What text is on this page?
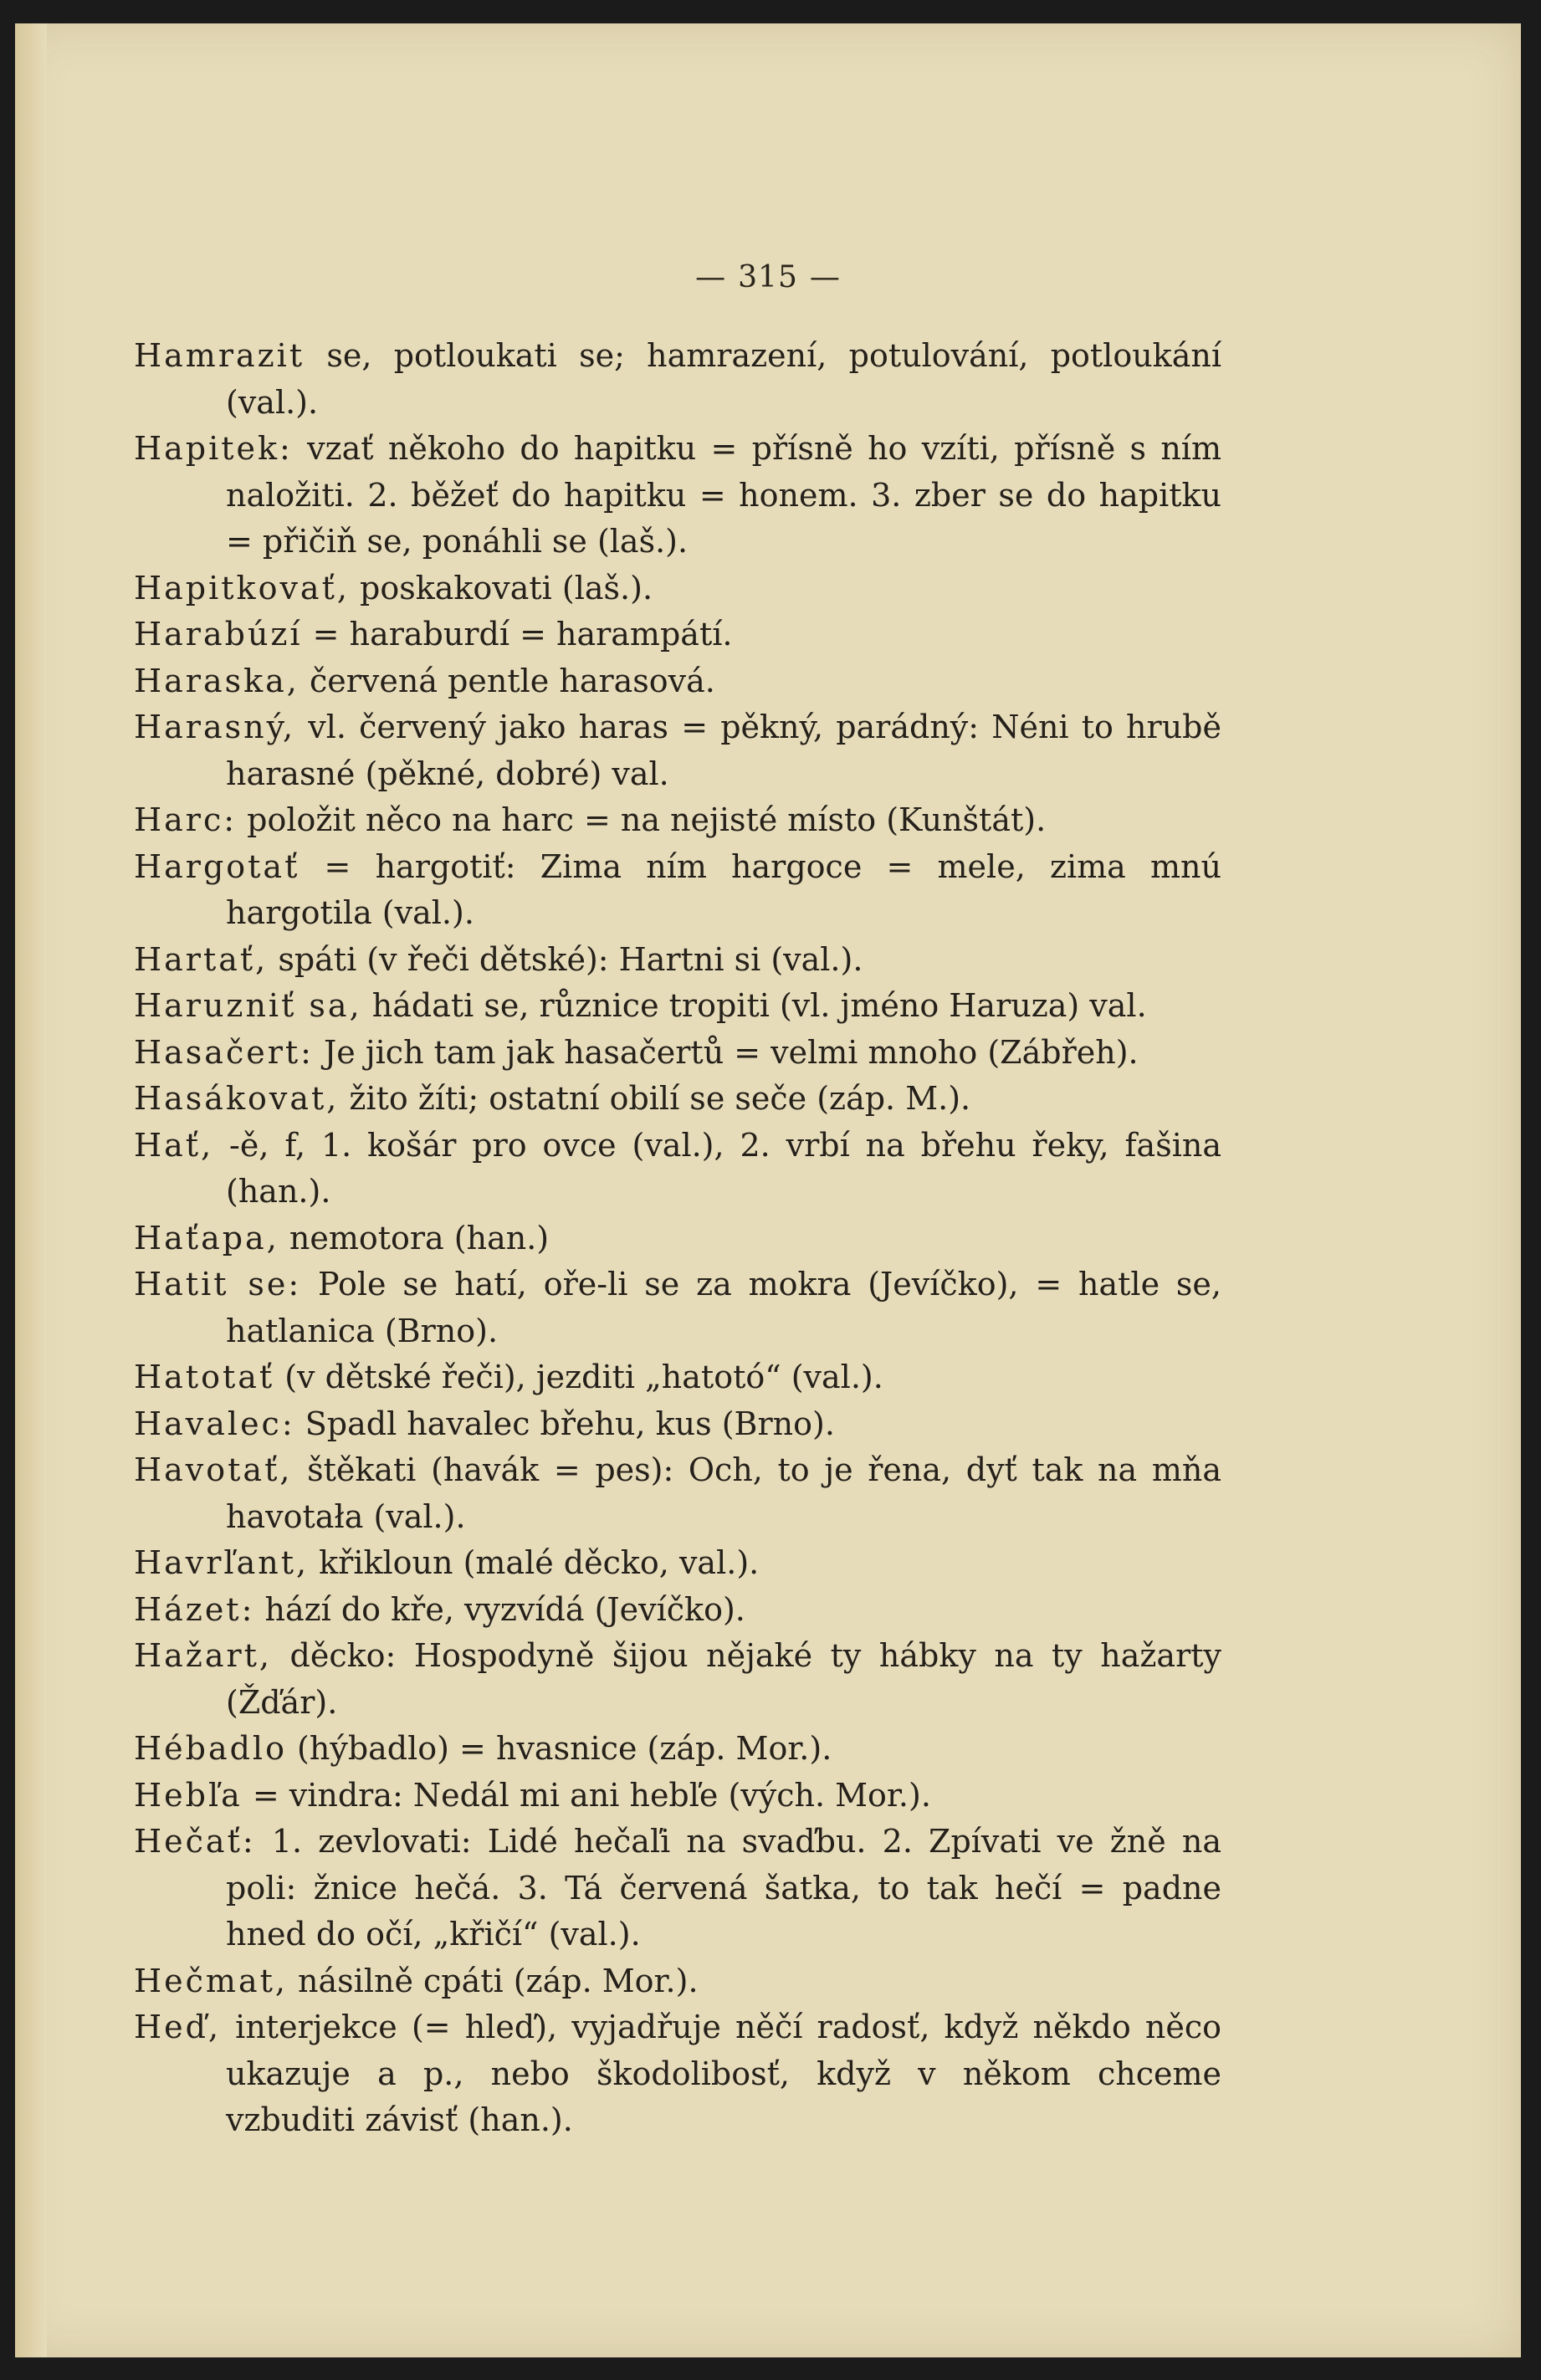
— 315 —

Hamrazit se, potloukati se; hamrazení, potulování, potloukání (val.).

Hapitek: vzať někoho do hapitku = přísně ho vzíti, přísně s ním naložiti. 2. běžeť do hapitku = honem. 3. zber se do hapitku = přičiň se, ponáhli se (laš.).

Hapitkovať, poskakovati (laš.).

Harabúzí = haraburdí = harampátí.

Haraska, červená pentle harasová.

Harasný, vl. červený jako haras = pěkný, parádný: Néni to hrubě harasné (pěkné, dobré) val.

Harc: položit něco na harc = na nejisté místo (Kunštát).

Hargotať = hargotiť: Zima ním hargoce = mele, zima mnú hargotila (val.).

Hartať, spáti (v řeči dětské): Hartni si (val.).

Haruzniť sa, hádati se, různice tropiti (vl. jméno Haruza) val.

Hasačert: Je jich tam jak hasačertů = velmi mnoho (Zábřeh).

Hasákovat, žito žíti; ostatní obilí se seče (záp. M.).

Hať, -ě, f, 1. košár pro ovce (val.), 2. vrbí na břehu řeky, fašina (han.).

Haťapa, nemotora (han.)

Hatit se: Pole se hatí, oře-li se za mokra (Jevíčko), = hatle se, hatlanica (Brno).

Hatotať (v dětské řeči), jezditi „hatotó“ (val.).

Havalec: Spadl havalec břehu, kus (Brno).

Havotať, štěkati (havák = pes): Och, to je řena, dyť tak na mňa havotała (val.).

Havrľant, křikloun (malé děcko, val.).

Házet: hází do kře, vyzvídá (Jevíčko).

Hažart, děcko: Hospodyně šijou nějaké ty hábky na ty hažarty (Žďár).

Hébadlo (hýbadlo) = hvasnice (záp. Mor.).

Hebľa = vindra: Nedál mi ani hebľe (vých. Mor.).

Hečať: 1. zevlovati: Lidé hečaľi na svaďbu. 2. Zpívati ve žně na poli: žnice hečá. 3. Tá červená šatka, to tak hečí = padne hned do očí, „křičí“ (val.).

Hečmat, násilně cpáti (záp. Mor.).

Heď, interjekce (= hleď), vyjadřuje něčí radosť, když někdo něco ukazuje a p., nebo škodolibosť, když v někom chceme vzbuditi závisť (han.).
